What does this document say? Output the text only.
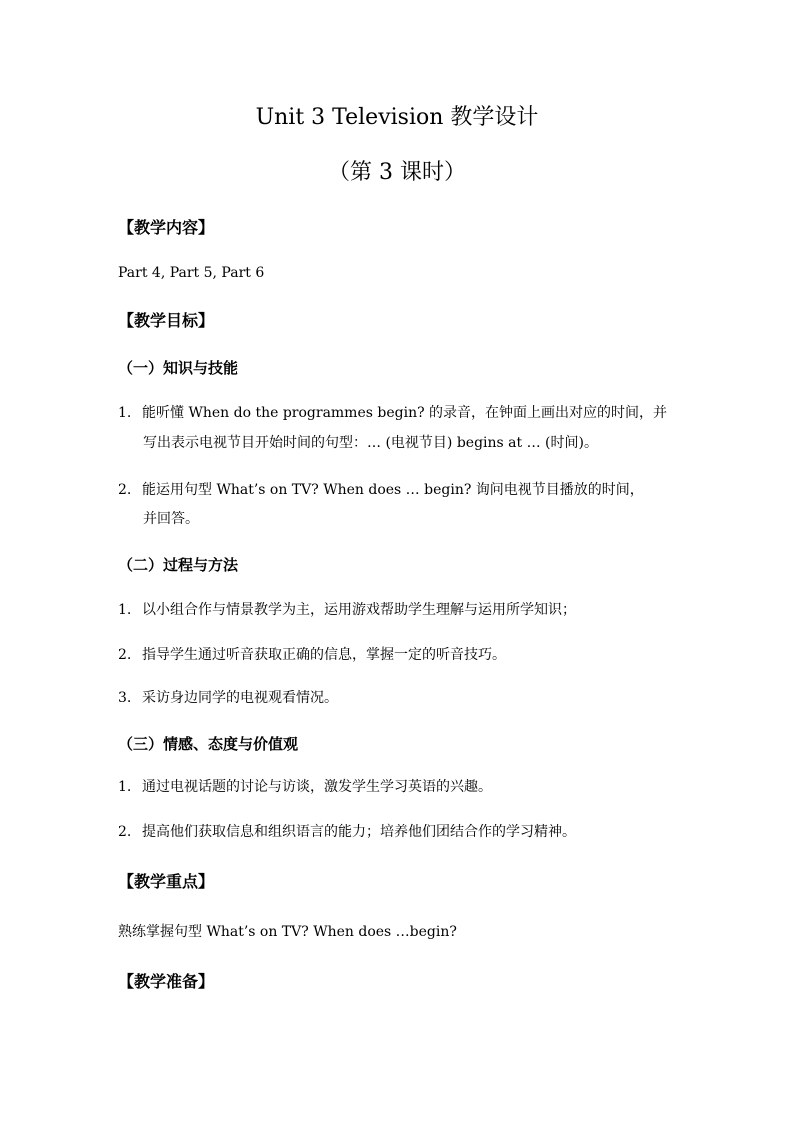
Unit 3 Television 教学设计
（第 3 课时）
【教学内容】
Part 4, Part 5, Part 6
【教学目标】
（一）知识与技能
1. 能听懂 When do the programmes begin? 的录音，在钟面上画出对应的时间，并
写出表示电视节目开始时间的句型：… (电视节目) begins at … (时间)。
2. 能运用句型 What’s on TV? When does … begin? 询问电视节目播放的时间，
并回答。
（二）过程与方法
1. 以小组合作与情景教学为主，运用游戏帮助学生理解与运用所学知识；
2. 指导学生通过听音获取正确的信息，掌握一定的听音技巧。
3. 采访身边同学的电视观看情况。
（三）情感、态度与价值观
1. 通过电视话题的讨论与访谈，激发学生学习英语的兴趣。
2. 提高他们获取信息和组织语言的能力；培养他们团结合作的学习精神。
【教学重点】
熟练掌握句型 What’s on TV? When does …begin?
【教学准备】
